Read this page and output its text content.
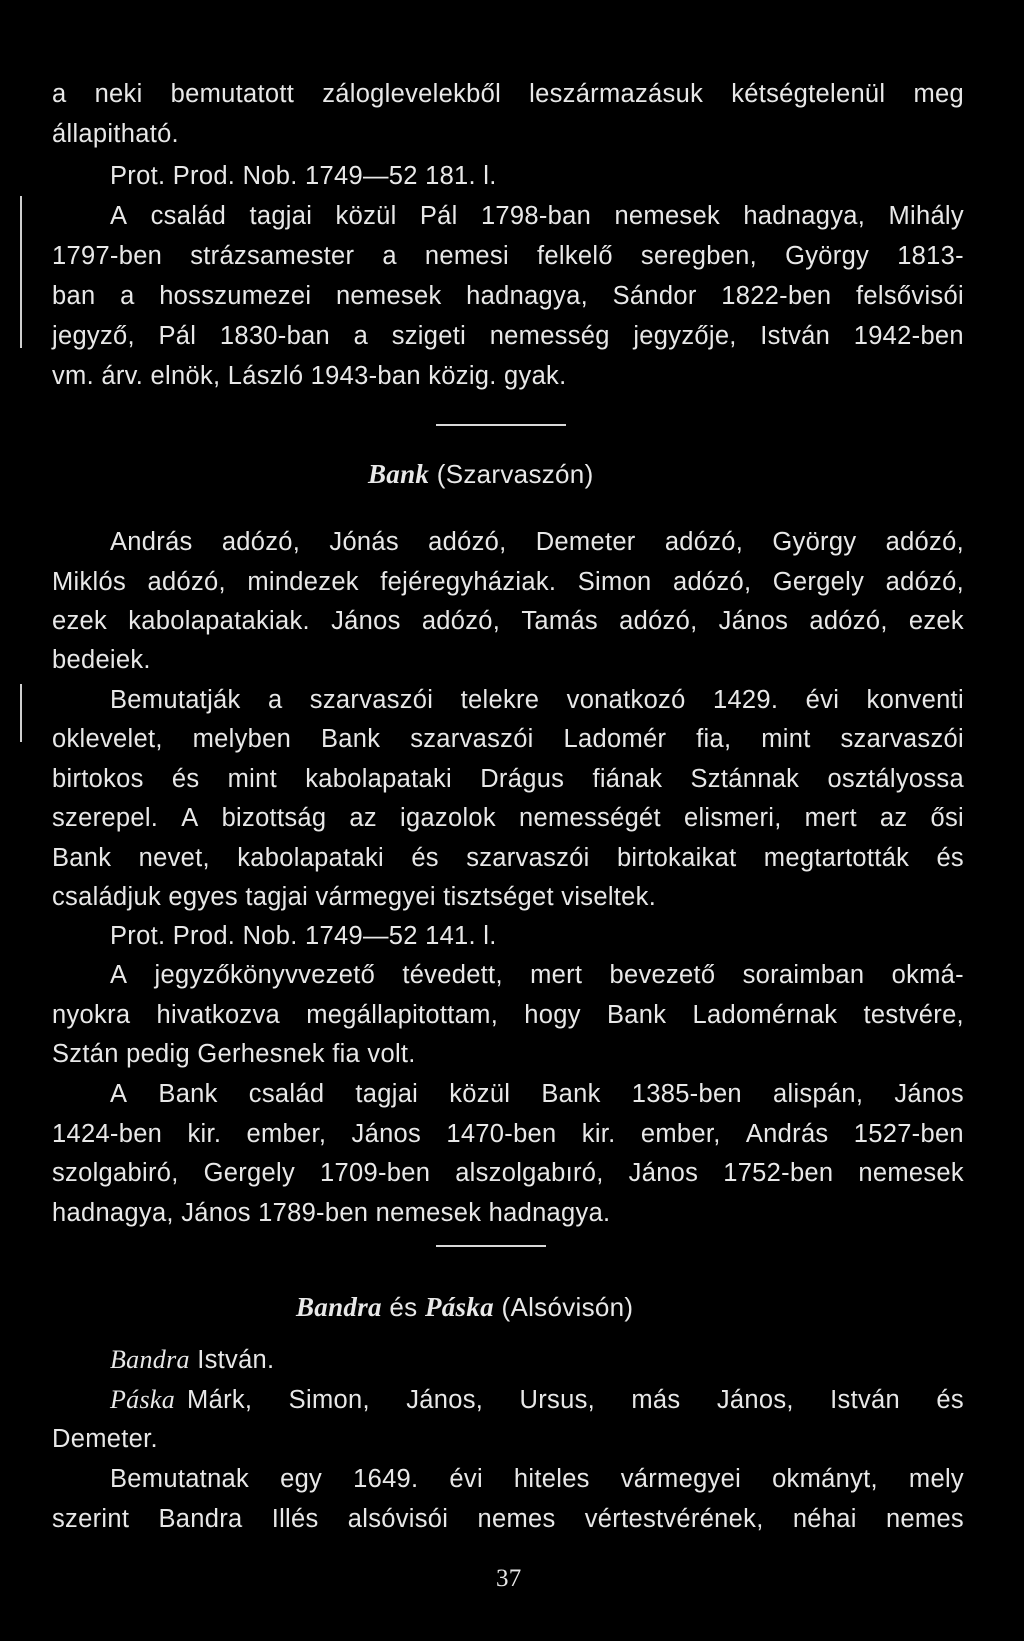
a neki bemutatott záloglevelekből leszármazásuk kétségtelenül meg
állapitható.
Prot. Prod. Nob. 1749—52 181. l.
A család tagjai közül Pál 1798-ban nemesek hadnagya, Mihály
1797-ben strázsamester a nemesi felkelő seregben, György 1813-
ban a hosszumezei nemesek hadnagya, Sándor 1822-ben felsővisói
jegyző, Pál 1830-ban a szigeti nemesség jegyzője, István 1942-ben
vm. árv. elnök, László 1943-ban közig. gyak.
Bank (Szarvaszón)
András adózó, Jónás adózó, Demeter adózó, György adózó,
Miklós adózó, mindezek fejéregyháziak. Simon adózó, Gergely adózó,
ezek kabolapatakiak. János adózó, Tamás adózó, János adózó, ezek
bedeiek.
Bemutatják a szarvaszói telekre vonatkozó 1429. évi konventi
oklevelet, melyben Bank szarvaszói Ladomér fia, mint szarvaszói
birtokos és mint kabolapataki Drágus fiának Sztánnak osztályossa
szerepel. A bizottság az igazolok nemességét elismeri, mert az ősi
Bank nevet, kabolapataki és szarvaszói birtokaikat megtartották és
családjuk egyes tagjai vármegyei tisztséget viseltek.
Prot. Prod. Nob. 1749—52 141. l.
A jegyzőkönyvvezető tévedett, mert bevezető soraimban okmá-
nyokra hivatkozva megállapitottam, hogy Bank Ladomérnak testvére,
Sztán pedig Gerhesnek fia volt.
A Bank család tagjai közül Bank 1385-ben alispán, János
1424-ben kir. ember, János 1470-ben kir. ember, András 1527-ben
szolgabiró, Gergely 1709-ben alszolgabıró, János 1752-ben nemesek
hadnagya, János 1789-ben nemesek hadnagya.
Bandra és Páska (Alsóvisón)
Bandra István.
Páska Márk, Simon, János, Ursus, más János, István és
Demeter.
Bemutatnak egy 1649. évi hiteles vármegyei okmányt, mely
szerint Bandra Illés alsóvisói nemes vértestvérének, néhai nemes
37
